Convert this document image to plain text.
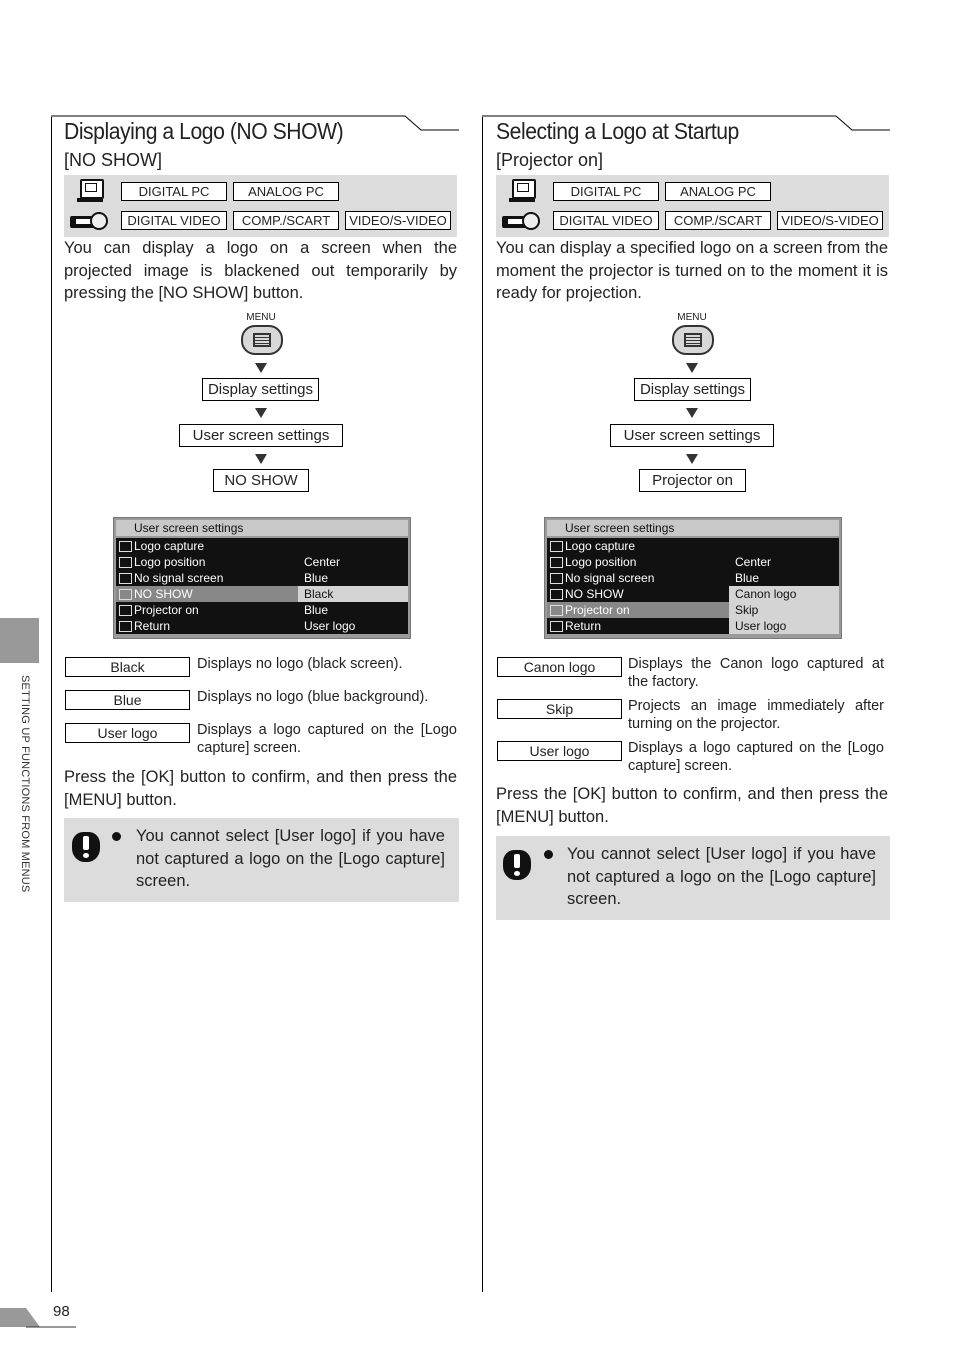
Displaying a Logo (NO SHOW)
[NO SHOW]
DIGITAL PC	ANALOG PC
DIGITAL VIDEO	COMP./SCART	VIDEO/S-VIDEO
You can display a logo on a screen when the projected image is blackened out temporarily by pressing the [NO SHOW] button.
MENU
Display settings
User screen settings
NO SHOW
User screen settings
Logo capture
Logo position	Center
No signal screen	Blue
NO SHOW	Black
Projector on	Blue
Return	User logo
Black	Displays no logo (black screen).
Blue	Displays no logo (blue background).
User logo	Displays a logo captured on the [Logo capture] screen.
Press the [OK] button to confirm, and then press the [MENU] button.
You cannot select [User logo] if you have not captured a logo on the [Logo capture] screen.
Selecting a Logo at Startup
[Projector on]
DIGITAL PC	ANALOG PC
DIGITAL VIDEO	COMP./SCART	VIDEO/S-VIDEO
You can display a specified logo on a screen from the moment the projector is turned on to the moment it is ready for projection.
MENU
Display settings
User screen settings
Projector on
User screen settings
Logo capture
Logo position	Center
No signal screen	Blue
NO SHOW	Canon logo
Projector on	Skip
Return	User logo
Canon logo	Displays the Canon logo captured at the factory.
Skip	Projects an image immediately after turning on the projector.
User logo	Displays a logo captured on the [Logo capture] screen.
Press the [OK] button to confirm, and then press the [MENU] button.
You cannot select [User logo] if you have not captured a logo on the [Logo capture] screen.
SETTING UP FUNCTIONS FROM MENUS
98
